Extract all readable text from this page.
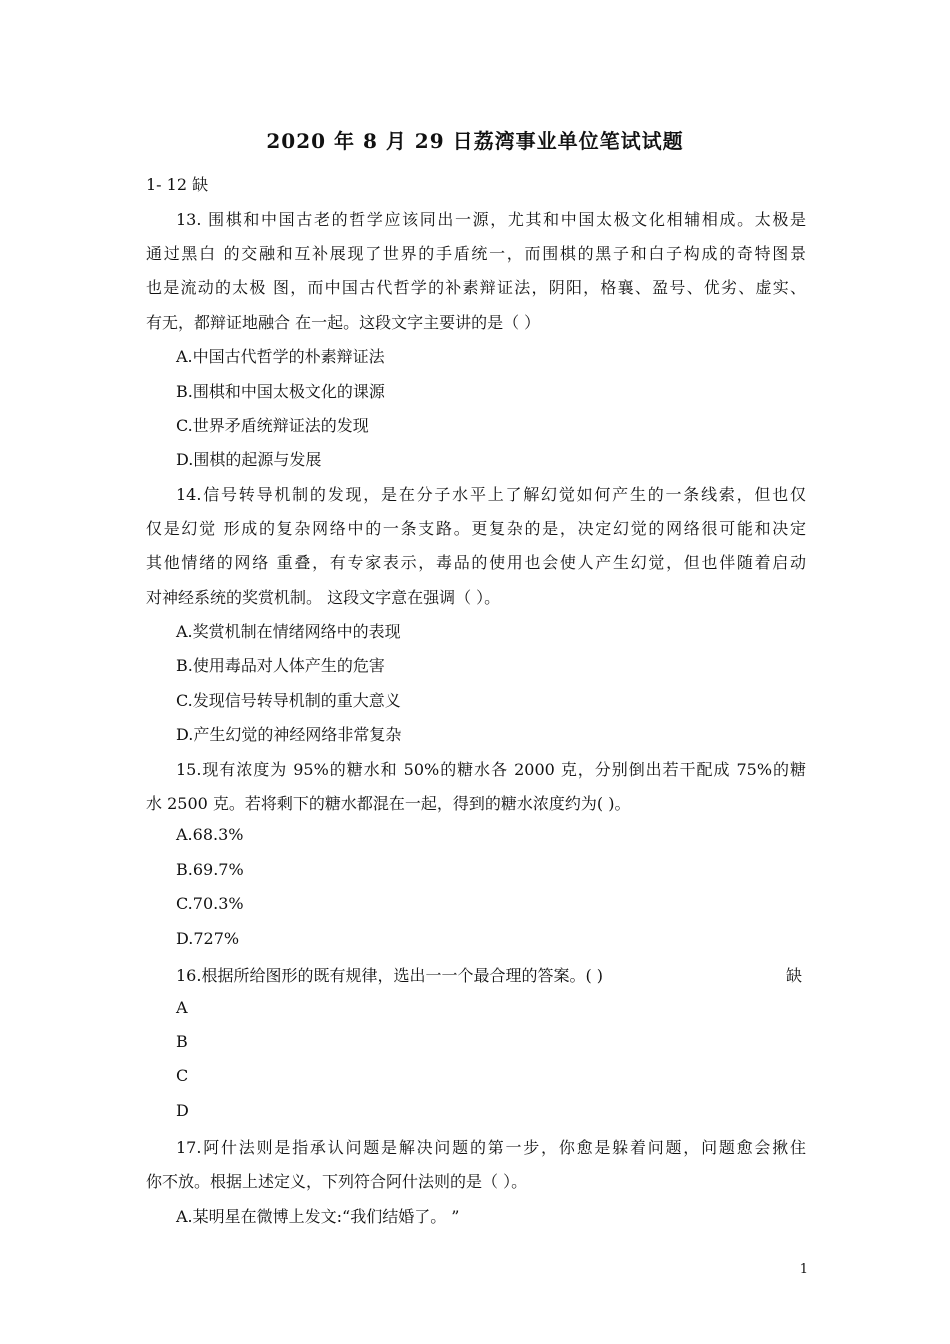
2020 年 8 月 29 日荔湾事业单位笔试试题
1- 12 缺
13. 围棋和中国古老的哲学应该同出一源，尤其和中国太极文化相辅相成。太极是
通过黑白 的交融和互补展现了世界的手盾统一，而围棋的黑子和白子构成的奇特图景
也是流动的太极 图，而中国古代哲学的补素辩证法，阴阳，格襄、盈号、优劣、虚实、
有无，都辩证地融合 在一起。这段文字主要讲的是（ ）
A.中国古代哲学的朴素辩证法
B.围棋和中国太极文化的课源
C.世界矛盾统辩证法的发现
D.围棋的起源与发展
14.信号转导机制的发现，是在分子水平上了解幻觉如何产生的一条线索，但也仅
仅是幻觉 形成的复杂网络中的一条支路。更复杂的是，决定幻觉的网络很可能和决定
其他情绪的网络 重叠，有专家表示，毒品的使用也会使人产生幻觉，但也伴随着启动
对神经系统的奖赏机制。 这段文字意在强调（ ）。
A.奖赏机制在情绪网络中的表现
B.使用毒品对人体产生的危害
C.发现信号转导机制的重大意义
D.产生幻觉的神经网络非常复杂
15.现有浓度为 95%的糖水和 50%的糖水各 2000 克，分别倒出若干配成 75%的糖
水 2500 克。若将剩下的糖水都混在一起，得到的糖水浓度约为( )。
A.68.3%
B.69.7%
C.70.3%
D.727%
16.根据所给图形的既有规律，选出一一个最合理的答案。( )	缺
A
B
C
D
17.阿什法则是指承认问题是解决问题的第一步，你愈是躲着问题，问题愈会揪住
你不放。根据上述定义，下列符合阿什法则的是（ ）。
A.某明星在微博上发文:“我们结婚了。 ”
1
